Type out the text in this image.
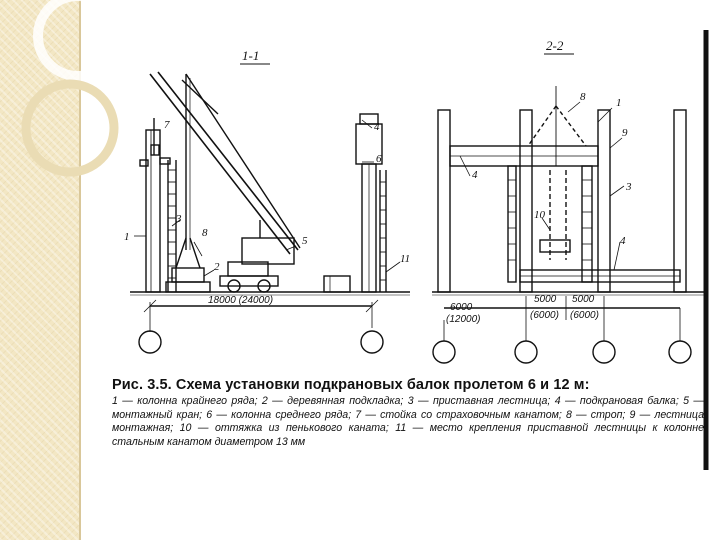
1-1
2-2
1
2
3
4
5
6
7
8
11
18000 (24000)
1
3
4
4
8
9
10
6000
(12000)
5000
(6000)
5000
(6000)
Рис. 3.5. Схема установки подкрановых балок пролетом 6 и 12 м:
1 — колонна крайнего ряда; 2 — деревянная подкладка; 3 — приставная лестница; 4 — подкрановая балка; 5 — монтажный кран; 6 — колонна среднего ряда; 7 — стойка со страховочным канатом; 8 — строп; 9 — лестница монтажная; 10 — оттяжка из пенькового каната; 11 — место крепления приставной лестницы к колонне стальным канатом диаметром 13 мм
